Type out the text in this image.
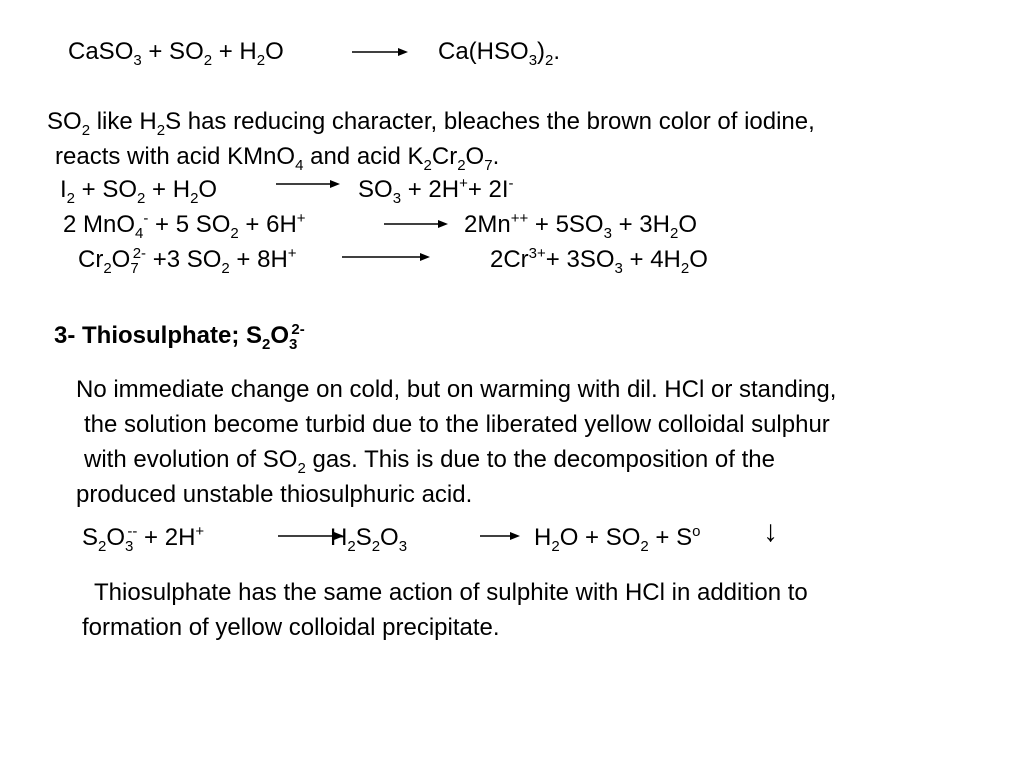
CaSO$_3$ + $SO_2 + H_2O$	$Ca(HSO_3)_2$.
$SO_2$ like $H_2S$ has reducing character, bleaches the brown color of iodine,
reacts with acid KMnO$_4$ and acid $K_2Cr_2O_7$.
$I_2 + SO_2 + H_2O$	$SO_3 + 2H^++ 2I^-$
2 MnO$_4$- + 5 $SO_2 + 6H^+$	$2Mn^{++} + 5SO_3 + 3H_2O$
$Cr_2O_7^{2-} +3$ $SO_2 + 8H^+$	$2Cr^{3+}+ 3SO_3 + 4H_2O$
3- Thiosulphate; $S_2O_3^{2-}$
No immediate change on cold, but on warming with dil. HCl or standing,
the solution become turbid due to the liberated yellow colloidal sulphur
with evolution of $SO_2$ gas. This is due to the decomposition of the
produced unstable thiosulphuric acid.
$S_2O_3^{--} + 2H^+$	$H_2S_2O_3$	$H_2O + SO_2 + S^o$ ↓
Thiosulphate has the same action of sulphite with HCl in addition to
formation of yellow colloidal precipitate.
